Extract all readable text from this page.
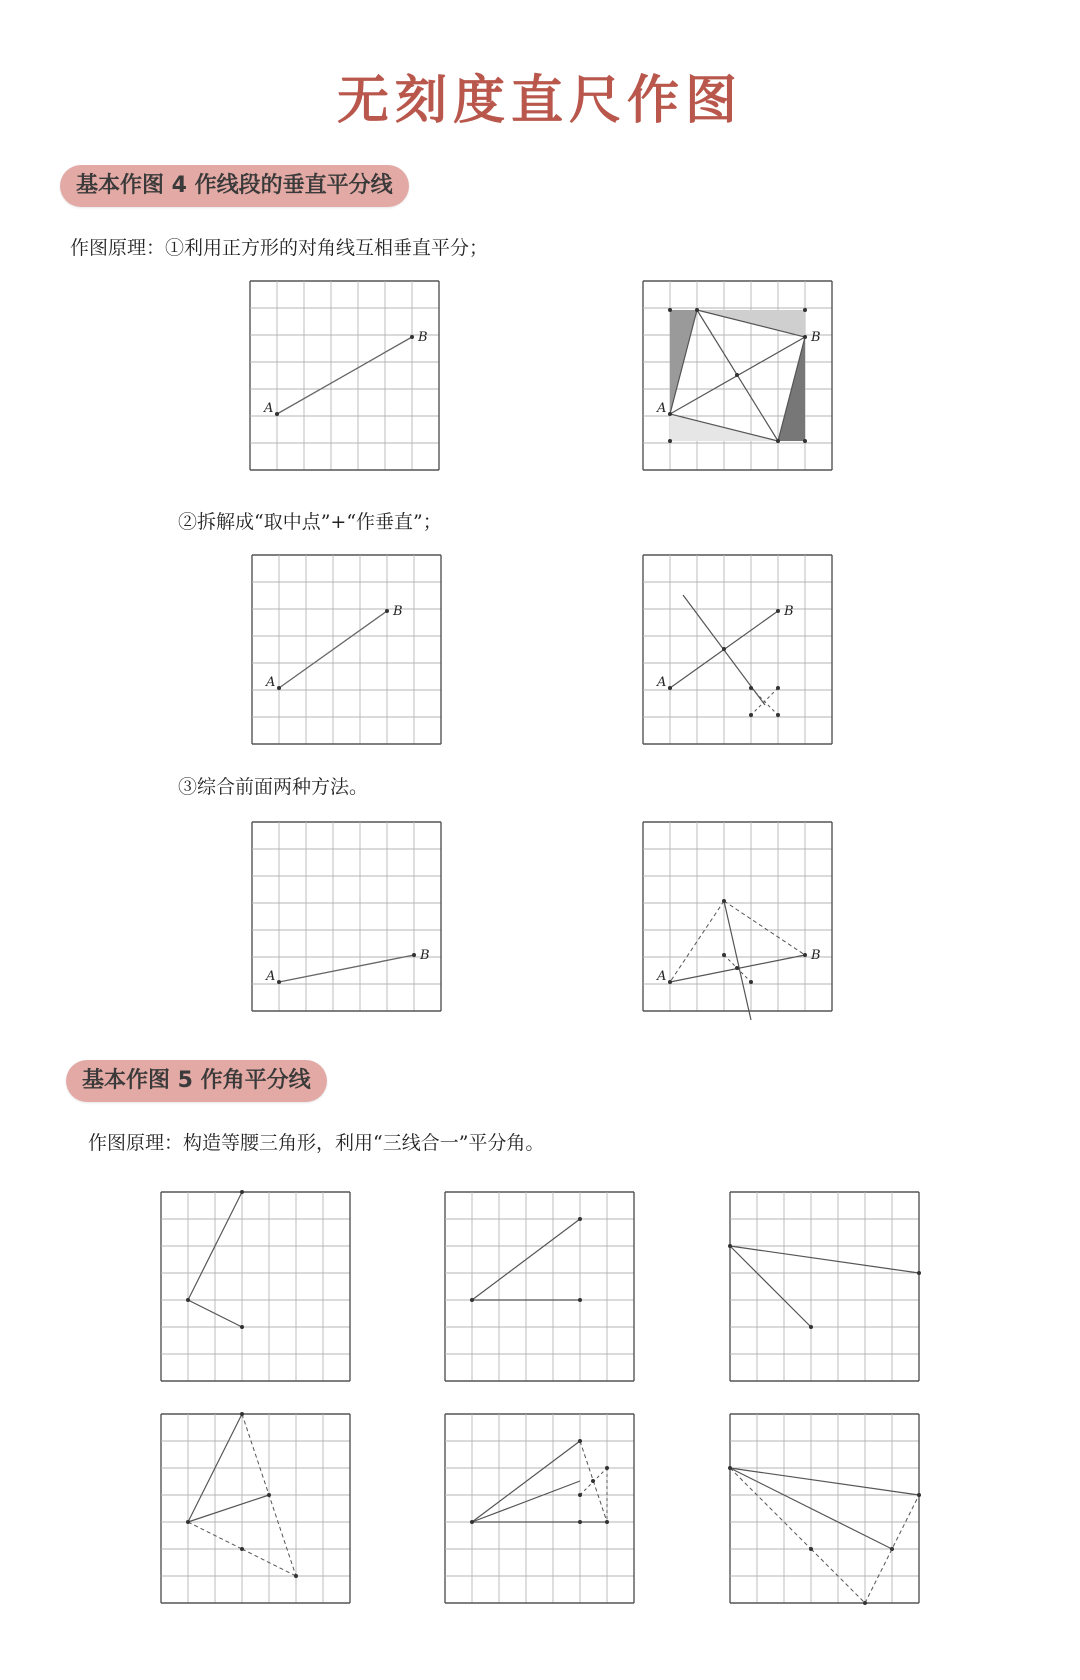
无刻度直尺作图
基本作图 4 作线段的垂直平分线
作图原理：①利用正方形的对角线互相垂直平分；
A
B
A
B
②拆解成“取中点”+“作垂直”；
A
B
A
B
③综合前面两种方法。
A
B
A
B
基本作图 5 作角平分线
作图原理：构造等腰三角形，利用“三线合一”平分角。
